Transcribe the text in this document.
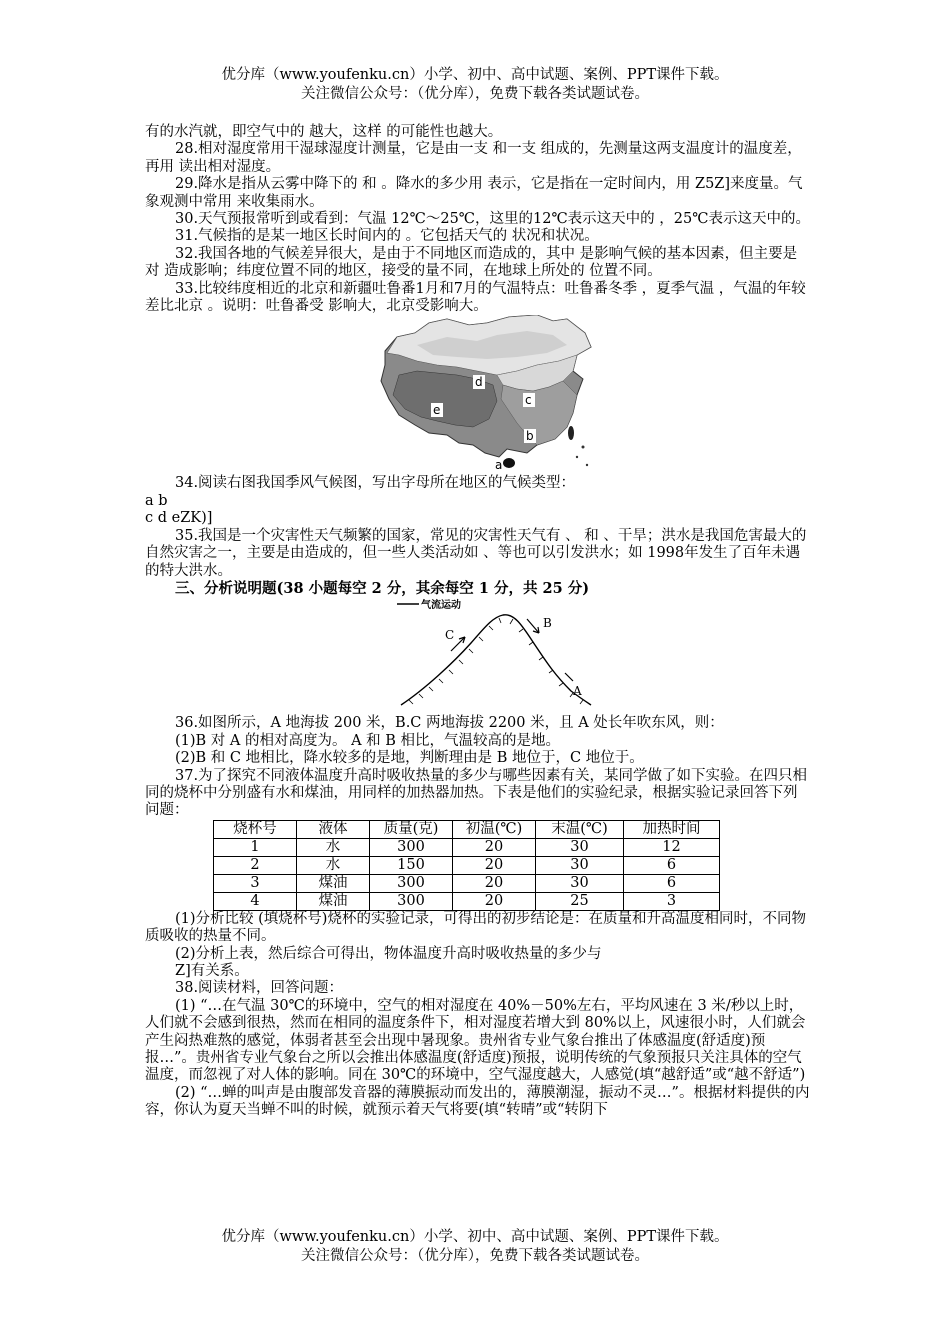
优分库（www.youfenku.cn）小学、初中、高中试题、案例、PPT课件下载。
关注微信公众号：（优分库），免费下载各类试题试卷。

有的水汽就，即空气中的 越大，这样 的可能性也越大。

28.相对湿度常用干湿球湿度计测量，它是由一支 和一支 组成的，先测量这两支温度计的温度差，再用 读出相对湿度。

29.降水是指从云雾中降下的 和 。降水的多少用 表示，它是指在一定时间内，用 Z5Z]来度量。气象观测中常用 来收集雨水。

30.天气预报常听到或看到：气温 12℃～25℃，这里的12℃表示这天中的 ，25℃表示这天中的。

31.气候指的是某一地区长时间内的 。它包括天气的 状况和状况。

32.我国各地的气候差异很大，是由于不同地区而造成的，其中 是影响气候的基本因素，但主要是对 造成影响；纬度位置不同的地区，接受的量不同，在地球上所处的 位置不同。

33.比较纬度相近的北京和新疆吐鲁番1月和7月的气温特点：吐鲁番冬季 ，夏季气温 ，气温的年较差比北京 。说明：吐鲁番受 影响大，北京受影响大。

d
c
e
b
a

34.阅读右图我国季风气候图，写出字母所在地区的气候类型：

a b

c d eZK)]

35.我国是一个灾害性天气频繁的国家，常见的灾害性天气有 、 和 、干旱；洪水是我国危害最大的自然灾害之一，主要是由造成的，但一些人类活动如 、等也可以引发洪水；如 1998年发生了百年未遇的特大洪水。

三、分析说明题(38 小题每空 2 分，其余每空 1 分，共 25 分)

气流运动
C
B
A

36.如图所示，A 地海拔 200 米，B.C 两地海拔 2200 米，且 A 处长年吹东风，则：

(1)B 对 A 的相对高度为。 A 和 B 相比，气温较高的是地。

(2)B 和 C 地相比，降水较多的是地，判断理由是 B 地位于，C 地位于。

37.为了探究不同液体温度升高时吸收热量的多少与哪些因素有关，某同学做了如下实验。在四只相同的烧杯中分别盛有水和煤油，用同样的加热器加热。下表是他们的实验纪录，根据实验记录回答下列问题：

烧杯号	液体	质量(克)	初温(℃)	末温(℃)	加热时间
1	水	300	20	30	12
2	水	150	20	30	6
3	煤油	300	20	30	6
4	煤油	300	20	25	3

(1)分析比较 (填烧杯号)烧杯的实验记录，可得出的初步结论是：在质量和升高温度相同时，不同物质吸收的热量不同。

(2)分析上表，然后综合可得出，物体温度升高时吸收热量的多少与

Z]有关系。

38.阅读材料，回答问题：

(1) “…在气温 30℃的环境中，空气的相对湿度在 40%－50%左右，平均风速在 3 米/秒以上时，人们就不会感到很热，然而在相同的温度条件下，相对湿度若增大到 80%以上，风速很小时，人们就会产生闷热难熬的感觉，体弱者甚至会出现中暑现象。贵州省专业气象台推出了体感温度(舒适度)预报…”。贵州省专业气象台之所以会推出体感温度(舒适度)预报，说明传统的气象预报只关注具体的空气温度，而忽视了对人体的影响。同在 30℃的环境中，空气湿度越大，人感觉(填“越舒适”或“越不舒适”)

(2) “…蝉的叫声是由腹部发音器的薄膜振动而发出的，薄膜潮湿，振动不灵…”。根据材料提供的内容，你认为夏天当蝉不叫的时候，就预示着天气将要(填“转晴”或“转阴下

优分库（www.youfenku.cn）小学、初中、高中试题、案例、PPT课件下载。
关注微信公众号：（优分库），免费下载各类试题试卷。
